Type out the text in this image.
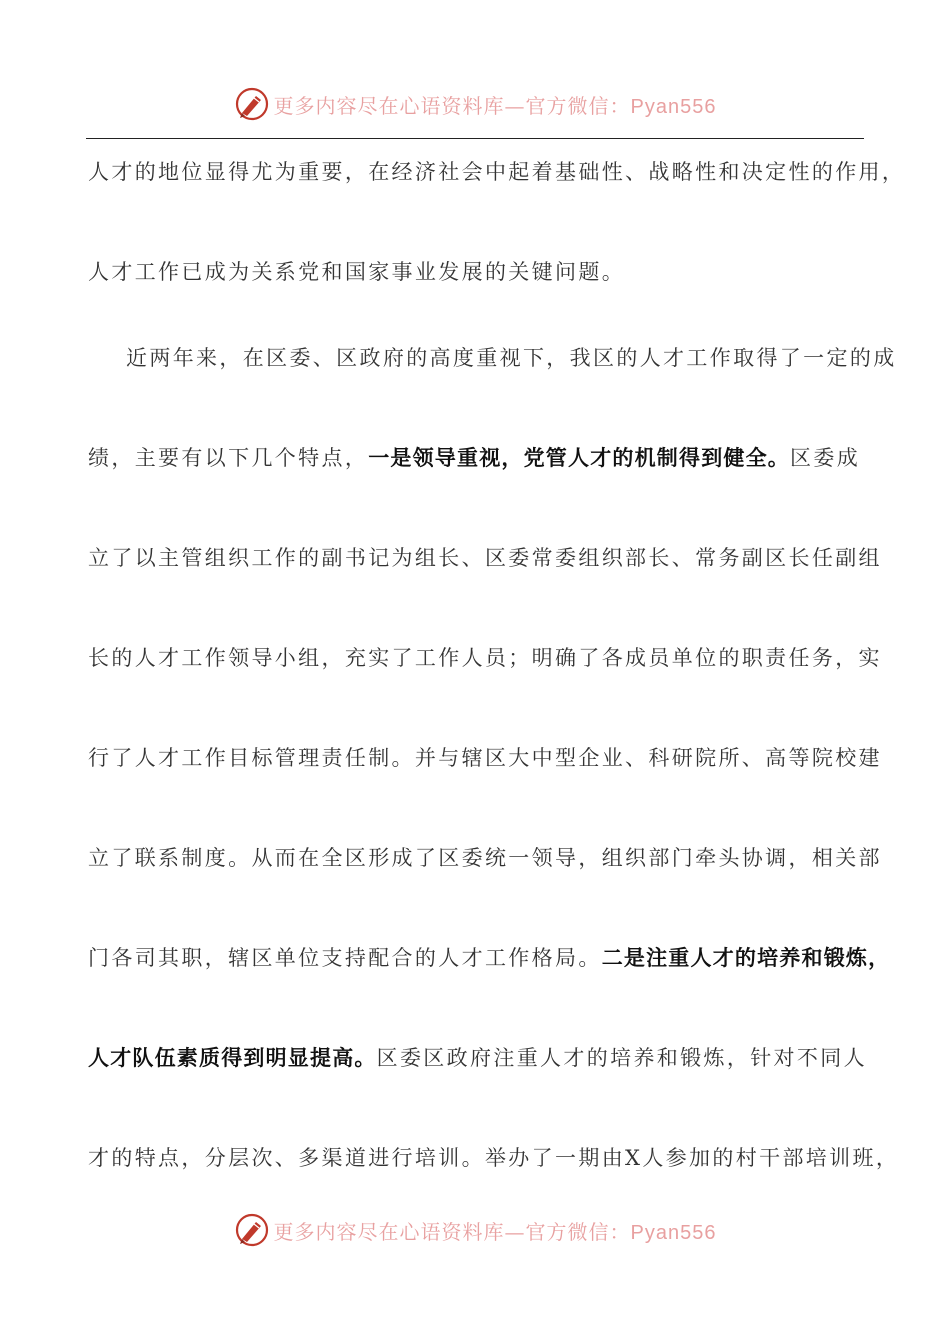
更多内容尽在心语资料库—官方微信：Pyan556
人才的地位显得尤为重要，在经济社会中起着基础性、战略性和决定性的作用，
人才工作已成为关系党和国家事业发展的关键问题。
近两年来，在区委、区政府的高度重视下，我区的人才工作取得了一定的成
绩，主要有以下几个特点，一是领导重视，党管人才的机制得到健全。区委成
立了以主管组织工作的副书记为组长、区委常委组织部长、常务副区长任副组
长的人才工作领导小组，充实了工作人员；明确了各成员单位的职责任务，实
行了人才工作目标管理责任制。并与辖区大中型企业、科研院所、高等院校建
立了联系制度。从而在全区形成了区委统一领导，组织部门牵头协调，相关部
门各司其职，辖区单位支持配合的人才工作格局。二是注重人才的培养和锻炼，
人才队伍素质得到明显提高。区委区政府注重人才的培养和锻炼，针对不同人
才的特点，分层次、多渠道进行培训。举办了一期由X人参加的村干部培训班，
更多内容尽在心语资料库—官方微信：Pyan556
